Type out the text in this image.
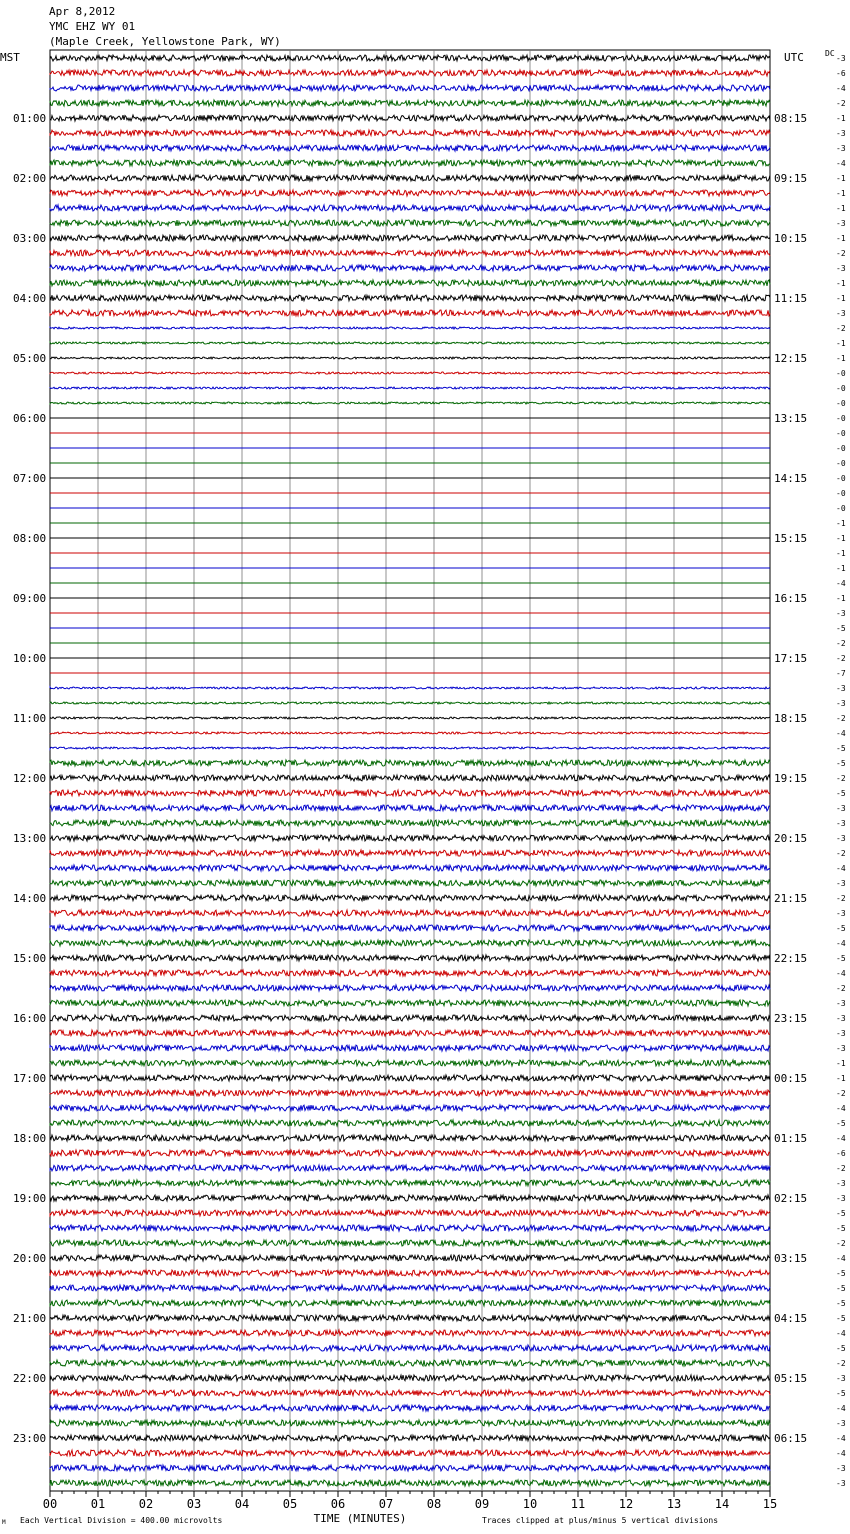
Apr 8,2012
YMC EHZ WY 01
(Maple Creek, Yellowstone Park, WY)
-3
-6
-4
-2
-1
-3
-3
-4
-1
-1
-1
-3
-1
-2
-3
-1
-1
-3
-2
-1
-1
-0
-0
-0
-0
-0
-0
-0
-0
-0
-0
-1
-1
-1
-1
-4
-1
-3
-5
-2
-2
-7
-3
-3
-2
-4
-5
-5
-2
-5
-3
-3
-3
-2
-4
-3
-2
-3
-5
-4
-5
-4
-2
-3
-3
-3
-3
-1
-1
-2
-4
-5
-4
-6
-2
-3
-3
-5
-5
-2
-4
-5
-5
-5
-5
-4
-5
-2
-3
-5
-4
-3
-4
-4
-3
-3
01:00
02:00
03:00
04:00
05:00
06:00
07:00
08:00
09:00
10:00
11:00
12:00
13:00
14:00
15:00
16:00
17:00
18:00
19:00
20:00
21:00
22:00
23:00
08:15
09:15
10:15
11:15
12:15
13:15
14:15
15:15
16:15
17:15
18:15
19:15
20:15
21:15
22:15
23:15
00:15
01:15
02:15
03:15
04:15
05:15
06:15
MST	UTC	DC
00	01	02	03	04	05	06	07	08	09	10	11	12	13	14	15
TIME (MINUTES)
Each Vertical Division = 400.00 microvolts	Traces clipped at plus/minus 5 vertical divisions
M
